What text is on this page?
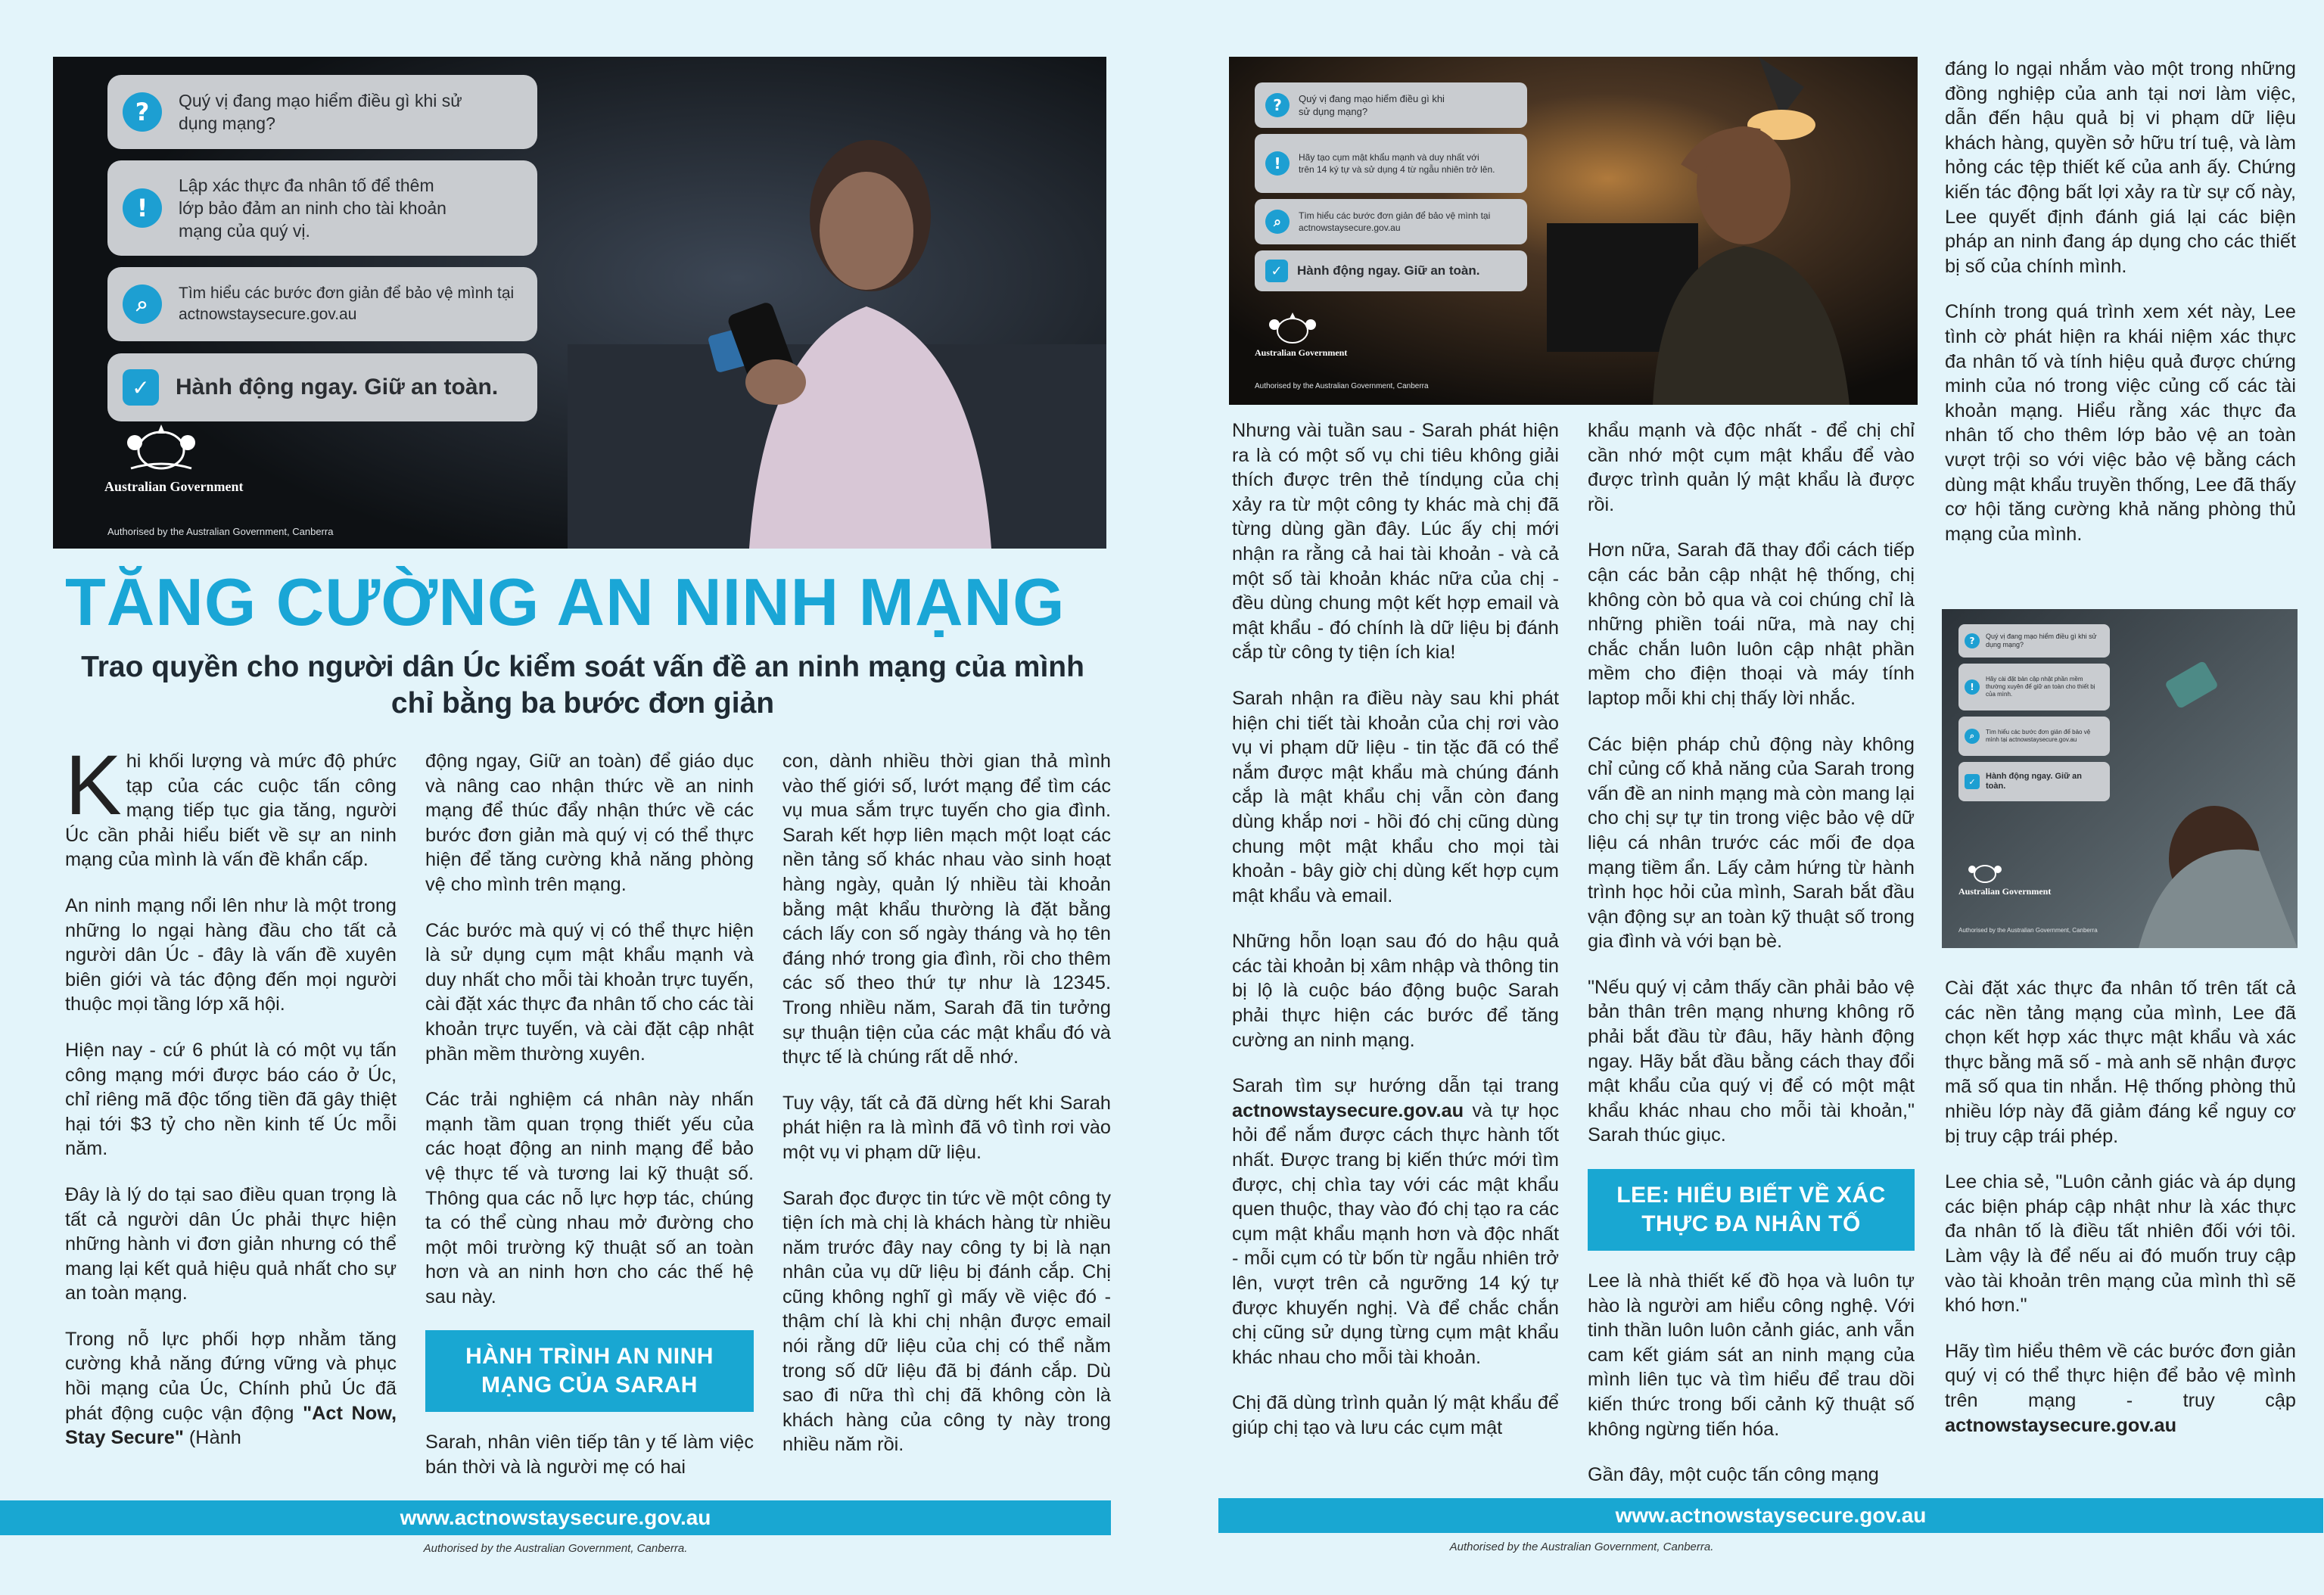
?	Quý vị đang mạo hiểm điều gì khi sử dụng mạng?
!
Lập xác thực đa nhân tố để thêm lớp bảo đảm an ninh cho tài khoản mạng của quý vị.
⌕	Tìm hiểu các bước đơn giản để bảo vệ mình tại actnowstaysecure.gov.au
✓	Hành động ngay. Giữ an toàn.
Australian Government
Authorised by the Australian Government, Canberra
TĂNG CƯỜNG AN NINH MẠNG
Trao quyền cho người dân Úc kiểm soát vấn đề an ninh mạng của mình chỉ bằng ba bước đơn giản

Khi khối lượng và mức độ phức tạp của các cuộc tấn công mạng tiếp tục gia tăng, người Úc cần phải hiểu biết về sự an ninh mạng của mình là vấn đề khẩn cấp.

An ninh mạng nổi lên như là một trong những lo ngại hàng đầu cho tất cả người dân Úc - đây là vấn đề xuyên biên giới và tác động đến mọi người thuộc mọi tầng lớp xã hội.

Hiện nay - cứ 6 phút là có một vụ tấn công mạng mới được báo cáo ở Úc, chỉ riêng mã độc tống tiền đã gây thiệt hại tới $3 tỷ cho nền kinh tế Úc mỗi năm.

Đây là lý do tại sao điều quan trọng là tất cả người dân Úc phải thực hiện những hành vi đơn giản nhưng có thể mang lại kết quả hiệu quả nhất cho sự an toàn mạng.

Trong nỗ lực phối hợp nhằm tăng cường khả năng đứng vững và phục hồi mạng của Úc, Chính phủ Úc đã phát động cuộc vận động "Act Now, Stay Secure" (Hành

động ngay, Giữ an toàn) để giáo dục và nâng cao nhận thức về an ninh mạng để thúc đẩy nhận thức về các bước đơn giản mà quý vị có thể thực hiện để tăng cường khả năng phòng vệ cho mình trên mạng.

Các bước mà quý vị có thể thực hiện là sử dụng cụm mật khẩu mạnh và duy nhất cho mỗi tài khoản trực tuyến, cài đặt xác thực đa nhân tố cho các tài khoản trực tuyến, và cài đặt cập nhật phần mềm thường xuyên.

Các trải nghiệm cá nhân này nhấn mạnh tầm quan trọng thiết yếu của các hoạt động an ninh mạng để bảo vệ thực tế và tương lai kỹ thuật số. Thông qua các nỗ lực hợp tác, chúng ta có thể cùng nhau mở đường cho một môi trường kỹ thuật số an toàn hơn và an ninh hơn cho các thế hệ sau này.

HÀNH TRÌNH AN NINH MẠNG CỦA SARAH

Sarah, nhân viên tiếp tân y tế làm việc bán thời và là người mẹ có hai

con, dành nhiều thời gian thả mình vào thế giới số, lướt mạng để tìm các vụ mua sắm trực tuyến cho gia đình. Sarah kết hợp liên mạch một loạt các nền tảng số khác nhau vào sinh hoạt hàng ngày, quản lý nhiều tài khoản bằng mật khẩu thường là đặt bằng cách lấy con số ngày tháng và họ tên đáng nhớ trong gia đình, rồi cho thêm các số theo thứ tự như là 12345. Trong nhiều năm, Sarah đã tin tưởng sự thuận tiện của các mật khẩu đó và thực tế là chúng rất dễ nhớ.

Tuy vậy, tất cả đã dừng hết khi Sarah phát hiện ra là mình đã vô tình rơi vào một vụ vi phạm dữ liệu.

Sarah đọc được tin tức về một công ty tiện ích mà chị là khách hàng từ nhiều năm trước đây nay công ty bị là nạn nhân của vụ dữ liệu bị đánh cắp. Chị cũng không nghĩ gì mấy về việc đó - thậm chí là khi chị nhận được email nói rằng dữ liệu của chị có thể nằm trong số dữ liệu đã bị đánh cắp. Dù sao đi nữa thì chị đã không còn là khách hàng của công ty này trong nhiều năm rồi.

www.actnowstaysecure.gov.au
Authorised by the Australian Government, Canberra.
?	Quý vị đang mạo hiểm điều gì khi sử dụng mạng?
!	Hãy tạo cụm mật khẩu mạnh và duy nhất với trên 14 ký tự và sử dụng 4 từ ngẫu nhiên trở lên.
⌕	Tìm hiểu các bước đơn giản để bảo vệ mình tại actnowstaysecure.gov.au
✓	Hành động ngay. Giữ an toàn.
Australian Government
Authorised by the Australian Government, Canberra
?	Quý vị đang mạo hiểm điều gì khi sử dụng mạng?
!
Hãy cài đặt bản cập nhật phần mềm thường xuyên để giữ an toàn cho thiết bị của mình.
⌕	Tìm hiểu các bước đơn giản để bảo vệ mình tại actnowstaysecure.gov.au
✓
Hành động ngay. Giữ an toàn.
Australian Government
Authorised by the Australian Government, Canberra

Nhưng vài tuần sau - Sarah phát hiện ra là có một số vụ chi tiêu không giải thích được trên thẻ tíndụng của chị xảy ra từ một công ty khác mà chị đã từng dùng gần đây. Lúc ấy chị mới nhận ra rằng cả hai tài khoản - và cả một số tài khoản khác nữa của chị - đều dùng chung một kết hợp email và mật khẩu - đó chính là dữ liệu bị đánh cắp từ công ty tiện ích kia!

Sarah nhận ra điều này sau khi phát hiện chi tiết tài khoản của chị rơi vào vụ vi phạm dữ liệu - tin tặc đã có thể nắm được mật khẩu mà chúng đánh cắp là mật khẩu chị vẫn còn đang dùng khắp nơi - hồi đó chị cũng dùng chung một mật khẩu cho mọi tài khoản - bây giờ chị dùng kết hợp cụm mật khẩu và email.

Những hỗn loạn sau đó do hậu quả các tài khoản bị xâm nhập và thông tin bị lộ là cuộc báo động buộc Sarah phải thực hiện các bước để tăng cường an ninh mạng.

Sarah tìm sự hướng dẫn tại trang actnowstaysecure.gov.au và tự học hỏi để nắm được cách thực hành tốt nhất. Được trang bị kiến thức mới tìm được, chị chìa tay với các mật khẩu quen thuộc, thay vào đó chị tạo ra các cụm mật khẩu mạnh hơn và độc nhất - mỗi cụm có từ bốn từ ngẫu nhiên trở lên, vượt trên cả ngưỡng 14 ký tự được khuyến nghị. Và để chắc chắn chị cũng sử dụng từng cụm mật khẩu khác nhau cho mỗi tài khoản.

Chị đã dùng trình quản lý mật khẩu để giúp chị tạo và lưu các cụm mật

khẩu mạnh và độc nhất - để chị chỉ cần nhớ một cụm mật khẩu để vào được trình quản lý mật khẩu là được rồi.

Hơn nữa, Sarah đã thay đổi cách tiếp cận các bản cập nhật hệ thống, chị không còn bỏ qua và coi chúng chỉ là những phiền toái nữa, mà nay chị chắc chắn luôn luôn cập nhật phần mềm cho điện thoại và máy tính laptop mỗi khi chị thấy lời nhắc.

Các biện pháp chủ động này không chỉ củng cố khả năng của Sarah trong vấn đề an ninh mạng mà còn mang lại cho chị sự tự tin trong việc bảo vệ dữ liệu cá nhân trước các mối đe dọa mạng tiềm ẩn. Lấy cảm hứng từ hành trình học hỏi của mình, Sarah bắt đầu vận động sự an toàn kỹ thuật số trong gia đình và với bạn bè.

"Nếu quý vị cảm thấy cần phải bảo vệ bản thân trên mạng nhưng không rõ phải bắt đầu từ đâu, hãy hành động ngay. Hãy bắt đầu bằng cách thay đổi mật khẩu của quý vị để có một mật khẩu khác nhau cho mỗi tài khoản," Sarah thúc giục.

LEE: HIỂU BIẾT VỀ XÁC THỰC ĐA NHÂN TỐ

Lee là nhà thiết kế đồ họa và luôn tự hào là người am hiểu công nghệ. Với tinh thần luôn luôn cảnh giác, anh vẫn cam kết giám sát an ninh mạng của mình liên tục và tìm hiểu để trau dồi kiến thức trong bối cảnh kỹ thuật số không ngừng tiến hóa.

Gần đây, một cuộc tấn công mạng

đáng lo ngại nhắm vào một trong những đồng nghiệp của anh tại nơi làm việc, dẫn đến hậu quả bị vi phạm dữ liệu khách hàng, quyền sở hữu trí tuệ, và làm hỏng các tệp thiết kế của anh ấy. Chứng kiến tác động bất lợi xảy ra từ sự cố này, Lee quyết định đánh giá lại các biện pháp an ninh đang áp dụng cho các thiết bị số của chính mình.

Chính trong quá trình xem xét này, Lee tình cờ phát hiện ra khái niệm xác thực đa nhân tố và tính hiệu quả được chứng minh của nó trong việc củng cố các tài khoản mạng. Hiểu rằng xác thực đa nhân tố cho thêm lớp bảo vệ an toàn vượt trội so với việc bảo vệ bằng cách dùng mật khẩu truyền thống, Lee đã thấy cơ hội tăng cường khả năng phòng thủ mạng của mình.

Cài đặt xác thực đa nhân tố trên tất cả các nền tảng mạng của mình, Lee đã chọn kết hợp xác thực mật khẩu và xác thực bằng mã số - mà anh sẽ nhận được mã số qua tin nhắn. Hệ thống phòng thủ nhiều lớp này đã giảm đáng kể nguy cơ bị truy cập trái phép.

Lee chia sẻ, "Luôn cảnh giác và áp dụng các biện pháp cập nhật như là xác thực đa nhân tố là điều tất nhiên đối với tôi. Làm vậy là để nếu ai đó muốn truy cập vào tài khoản trên mạng của mình thì sẽ khó hơn."

Hãy tìm hiểu thêm về các bước đơn giản quý vị có thể thực hiện để bảo vệ mình trên mạng - truy cập actnowstaysecure.gov.au

www.actnowstaysecure.gov.au
Authorised by the Australian Government, Canberra.
